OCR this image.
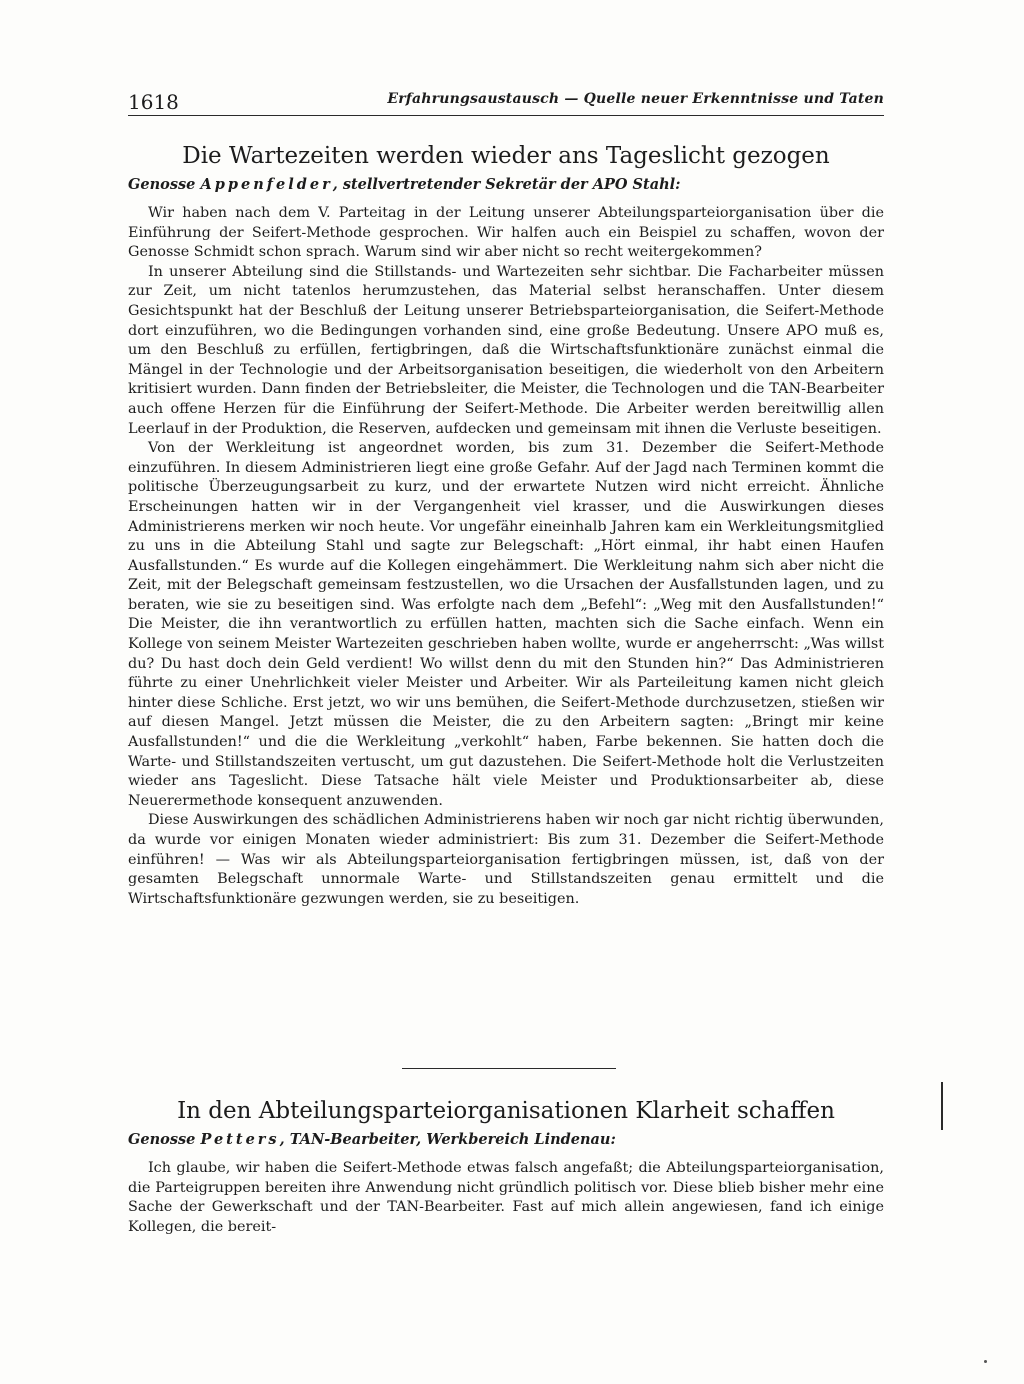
1618	Erfahrungsaustausch — Quelle neuer Erkenntnisse und Taten
Die Wartezeiten werden wieder ans Tageslicht gezogen
Genosse Appenfelder, stellvertretender Sekretär der APO Stahl:

Wir haben nach dem V. Parteitag in der Leitung unserer Abteilungsparteiorganisation über die Einführung der Seifert-Methode gesprochen. Wir halfen auch ein Beispiel zu schaffen, wovon der Genosse Schmidt schon sprach. Warum sind wir aber nicht so recht weitergekommen?

In unserer Abteilung sind die Stillstands- und Wartezeiten sehr sichtbar. Die Facharbeiter müssen zur Zeit, um nicht tatenlos herumzustehen, das Material selbst heranschaffen. Unter diesem Gesichtspunkt hat der Beschluß der Leitung unserer Betriebsparteiorganisation, die Seifert-Methode dort einzuführen, wo die Bedingungen vorhanden sind, eine große Bedeutung. Unsere APO muß es, um den Beschluß zu erfüllen, fertigbringen, daß die Wirtschaftsfunktionäre zunächst einmal die Mängel in der Technologie und der Arbeitsorganisation beseitigen, die wiederholt von den Arbeitern kritisiert wurden. Dann finden der Betriebsleiter, die Meister, die Technologen und die TAN-Bearbeiter auch offene Herzen für die Einführung der Seifert-Methode. Die Arbeiter werden bereitwillig allen Leerlauf in der Produktion, die Reserven, aufdecken und gemeinsam mit ihnen die Verluste beseitigen.

Von der Werkleitung ist angeordnet worden, bis zum 31. Dezember die Seifert-Methode einzuführen. In diesem Administrieren liegt eine große Gefahr. Auf der Jagd nach Terminen kommt die politische Überzeugungsarbeit zu kurz, und der erwartete Nutzen wird nicht erreicht. Ähnliche Erscheinungen hatten wir in der Vergangenheit viel krasser, und die Auswirkungen dieses Administrierens merken wir noch heute. Vor ungefähr eineinhalb Jahren kam ein Werkleitungsmitglied zu uns in die Abteilung Stahl und sagte zur Belegschaft: „Hört einmal, ihr habt einen Haufen Ausfallstunden.“ Es wurde auf die Kollegen eingehämmert. Die Werkleitung nahm sich aber nicht die Zeit, mit der Belegschaft gemeinsam festzustellen, wo die Ursachen der Ausfallstunden lagen, und zu beraten, wie sie zu beseitigen sind. Was erfolgte nach dem „Befehl“: „Weg mit den Ausfallstunden!“ Die Meister, die ihn verantwortlich zu erfüllen hatten, machten sich die Sache einfach. Wenn ein Kollege von seinem Meister Wartezeiten geschrieben haben wollte, wurde er angeherrscht: „Was willst du? Du hast doch dein Geld verdient! Wo willst denn du mit den Stunden hin?“ Das Administrieren führte zu einer Unehrlichkeit vieler Meister und Arbeiter. Wir als Parteileitung kamen nicht gleich hinter diese Schliche. Erst jetzt, wo wir uns bemühen, die Seifert-Methode durchzusetzen, stießen wir auf diesen Mangel. Jetzt müssen die Meister, die zu den Arbeitern sagten: „Bringt mir keine Ausfallstunden!“ und die die Werkleitung „verkohlt“ haben, Farbe bekennen. Sie hatten doch die Warte- und Stillstandszeiten vertuscht, um gut dazustehen. Die Seifert-Methode holt die Verlustzeiten wieder ans Tageslicht. Diese Tatsache hält viele Meister und Produktionsarbeiter ab, diese Neuerermethode konsequent anzuwenden.

Diese Auswirkungen des schädlichen Administrierens haben wir noch gar nicht richtig überwunden, da wurde vor einigen Monaten wieder administriert: Bis zum 31. Dezember die Seifert-Methode einführen! — Was wir als Abteilungsparteiorganisation fertigbringen müssen, ist, daß von der gesamten Belegschaft unnormale Warte- und Stillstandszeiten genau ermittelt und die Wirtschaftsfunktionäre gezwungen werden, sie zu beseitigen.

In den Abteilungsparteiorganisationen Klarheit schaffen
Genosse Petters, TAN-Bearbeiter, Werkbereich Lindenau:

Ich glaube, wir haben die Seifert-Methode etwas falsch angefaßt; die Abteilungsparteiorganisation, die Parteigruppen bereiten ihre Anwendung nicht gründlich politisch vor. Diese blieb bisher mehr eine Sache der Gewerkschaft und der TAN-Bearbeiter. Fast auf mich allein angewiesen, fand ich einige Kollegen, die bereit-
